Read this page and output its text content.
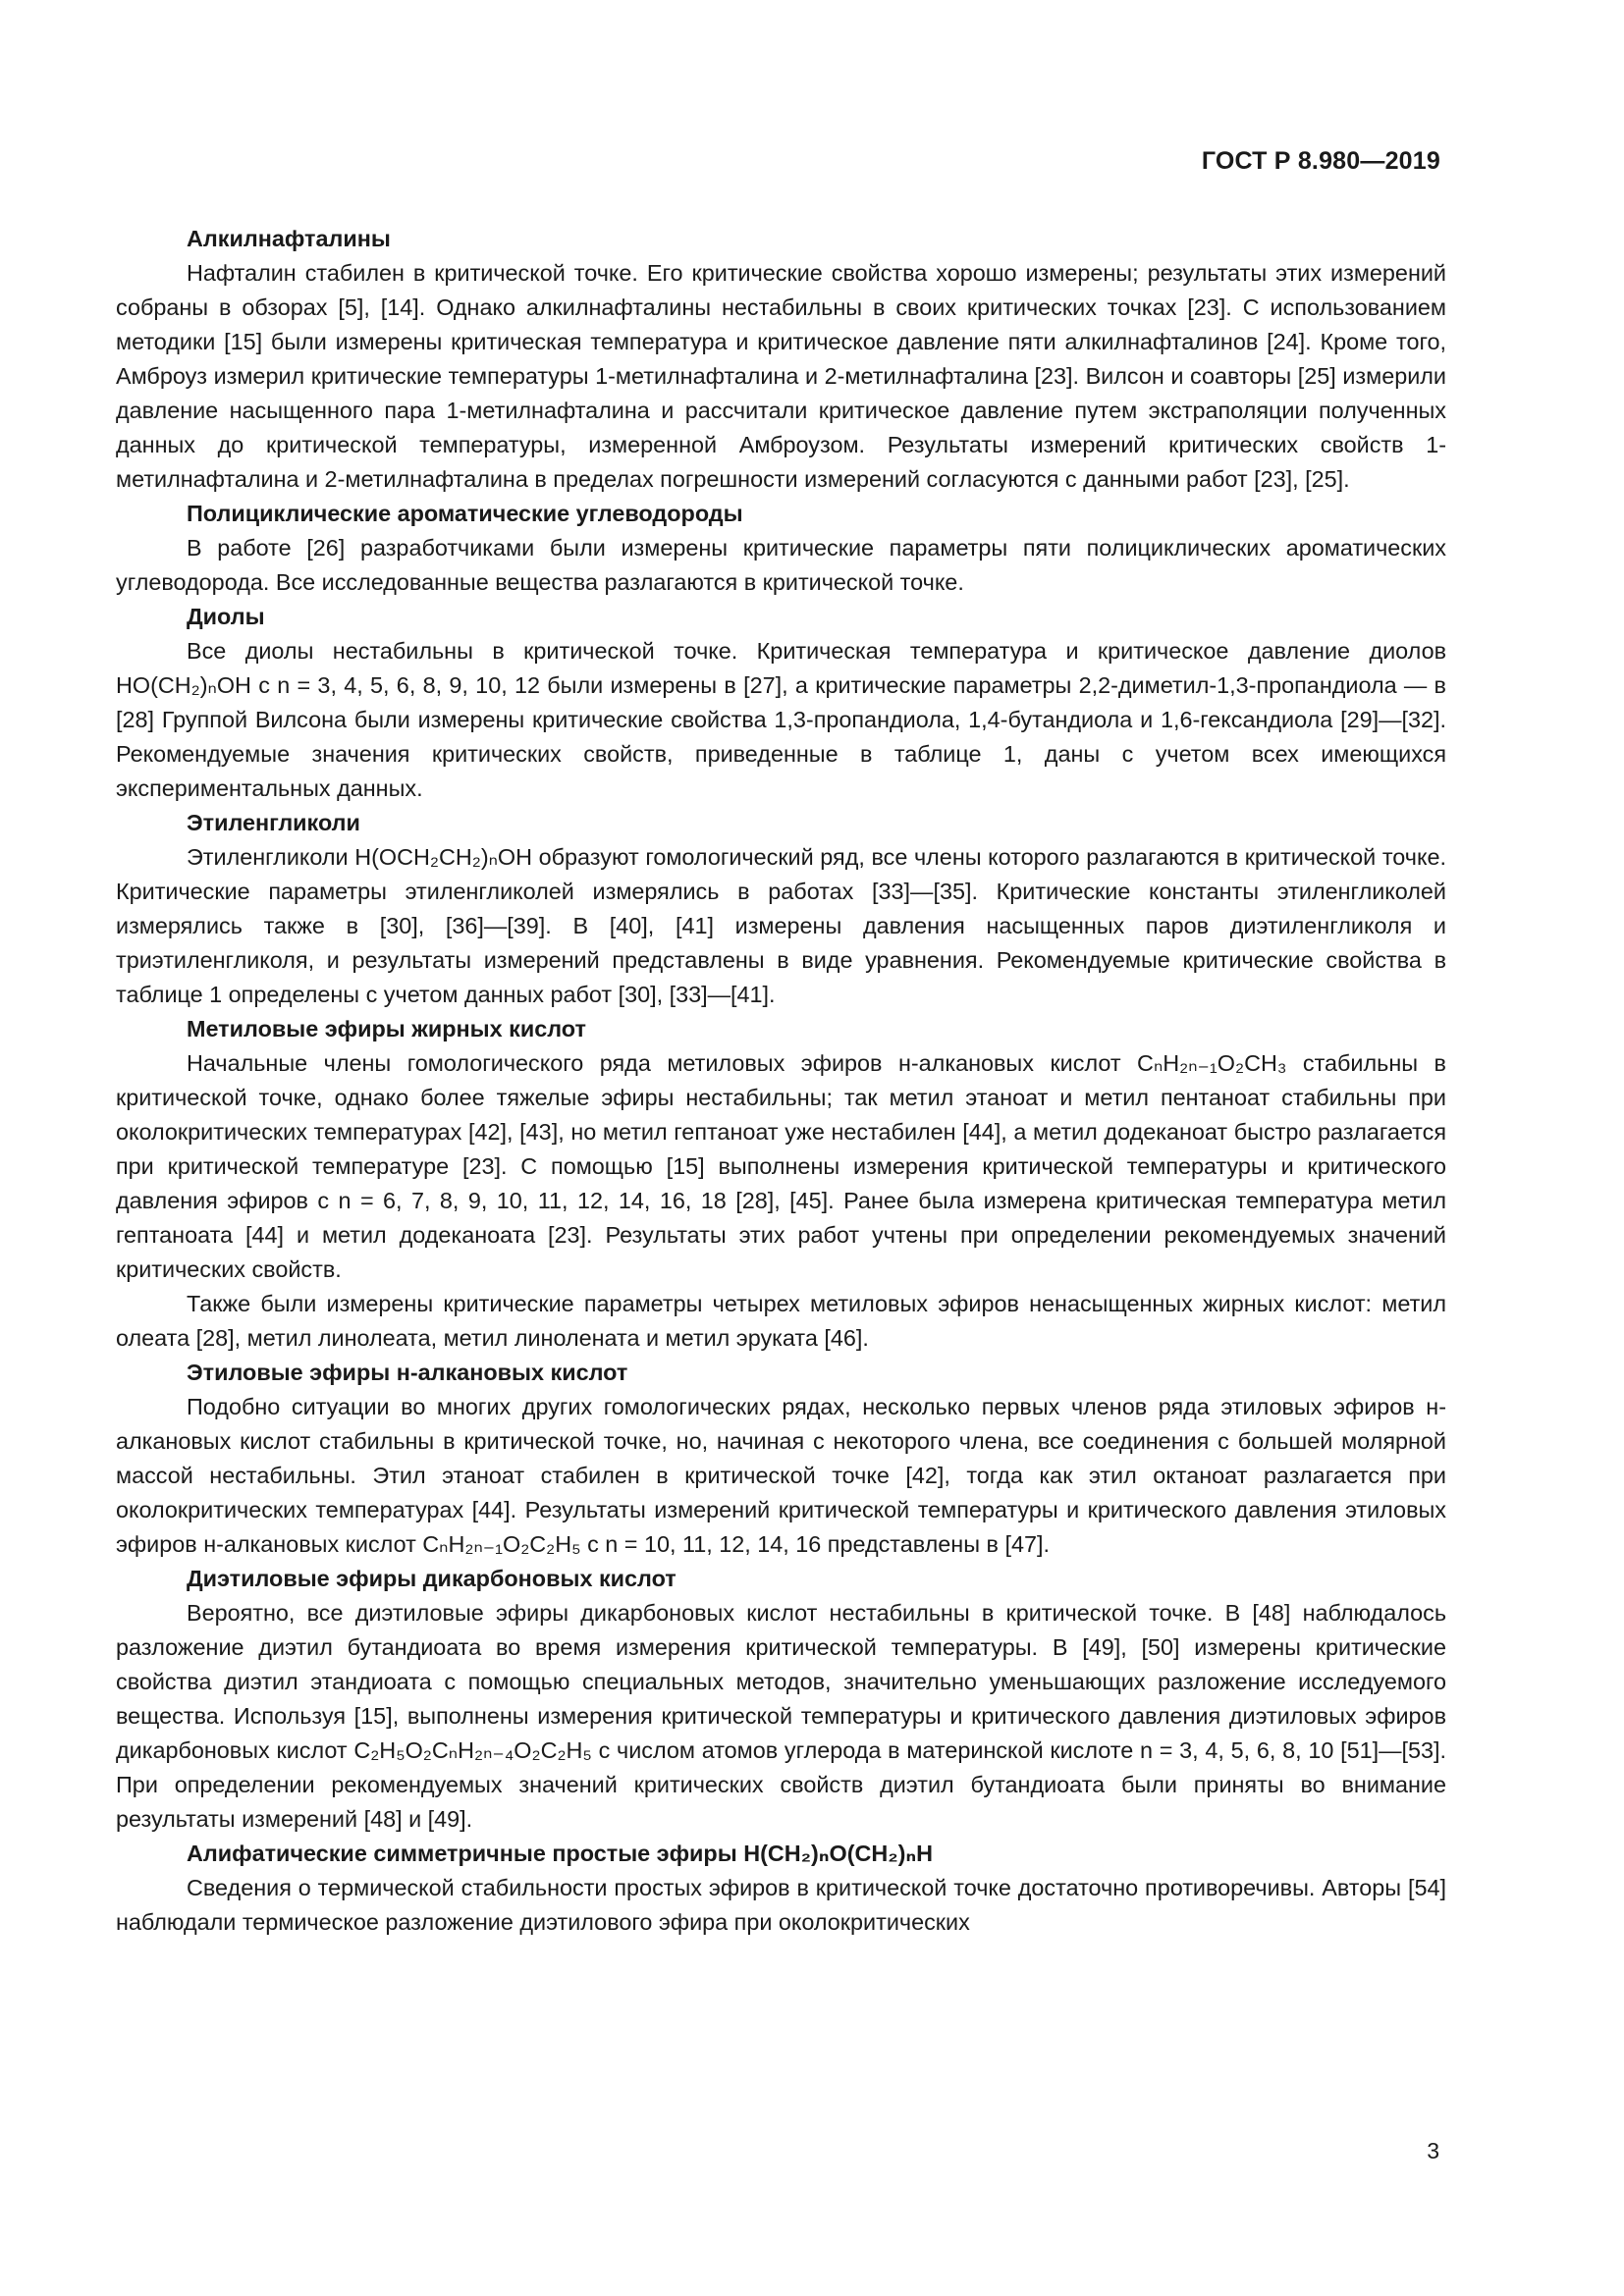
ГОСТ Р 8.980—2019
Алкилнафталины

Нафталин стабилен в критической точке. Его критические свойства хорошо измерены; результаты этих измерений собраны в обзорах [5], [14]. Однако алкилнафталины нестабильны в своих критических точках [23]. С использованием методики [15] были измерены критическая температура и критическое давление пяти алкилнафталинов [24]. Кроме того, Амброуз измерил критические температуры 1-метилнафталина и 2-метилнафталина [23]. Вилсон и соавторы [25] измерили давление насыщенного пара 1-метилнафталина и рассчитали критическое давление путем экстраполяции полученных данных до критической температуры, измеренной Амброузом. Результаты измерений критических свойств 1-метилнафталина и 2-метилнафталина в пределах погрешности измерений согласуются с данными работ [23], [25].

Полициклические ароматические углеводороды

В работе [26] разработчиками были измерены критические параметры пяти полициклических ароматических углеводорода. Все исследованные вещества разлагаются в критической точке.

Диолы

Все диолы нестабильны в критической точке. Критическая температура и критическое давление диолов HO(CH₂)ₙOH с n = 3, 4, 5, 6, 8, 9, 10, 12 были измерены в [27], а критические параметры 2,2-диметил-1,3-пропандиола — в [28] Группой Вилсона были измерены критические свойства 1,3-пропандиола, 1,4-бутандиола и 1,6-гександиола [29]—[32]. Рекомендуемые значения критических свойств, приведенные в таблице 1, даны с учетом всех имеющихся экспериментальных данных.

Этиленгликоли

Этиленгликоли H(OCH₂CH₂)ₙOH образуют гомологический ряд, все члены которого разлагаются в критической точке. Критические параметры этиленгликолей измерялись в работах [33]—[35]. Критические константы этиленгликолей измерялись также в [30], [36]—[39]. В [40], [41] измерены давления насыщенных паров диэтиленгликоля и триэтиленгликоля, и результаты измерений представлены в виде уравнения. Рекомендуемые критические свойства в таблице 1 определены с учетом данных работ [30], [33]—[41].

Метиловые эфиры жирных кислот

Начальные члены гомологического ряда метиловых эфиров н-алкановых кислот CₙH₂ₙ₋₁O₂CH₃ стабильны в критической точке, однако более тяжелые эфиры нестабильны; так метил этаноат и метил пентаноат стабильны при околокритических температурах [42], [43], но метил гептаноат уже нестабилен [44], а метил додеканоат быстро разлагается при критической температуре [23]. С помощью [15] выполнены измерения критической температуры и критического давления эфиров с n = 6, 7, 8, 9, 10, 11, 12, 14, 16, 18 [28], [45]. Ранее была измерена критическая температура метил гептаноата [44] и метил додеканоата [23]. Результаты этих работ учтены при определении рекомендуемых значений критических свойств.

Также были измерены критические параметры четырех метиловых эфиров ненасыщенных жирных кислот: метил олеата [28], метил линолеата, метил линолената и метил эруката [46].

Этиловые эфиры н-алкановых кислот

Подобно ситуации во многих других гомологических рядах, несколько первых членов ряда этиловых эфиров н-алкановых кислот стабильны в критической точке, но, начиная с некоторого члена, все соединения с большей молярной массой нестабильны. Этил этаноат стабилен в критической точке [42], тогда как этил октаноат разлагается при околокритических температурах [44]. Результаты измерений критической температуры и критического давления этиловых эфиров н-алкановых кислот CₙH₂ₙ₋₁O₂C₂H₅ с n = 10, 11, 12, 14, 16 представлены в [47].

Диэтиловые эфиры дикарбоновых кислот

Вероятно, все диэтиловые эфиры дикарбоновых кислот нестабильны в критической точке. В [48] наблюдалось разложение диэтил бутандиоата во время измерения критической температуры. В [49], [50] измерены критические свойства диэтил этандиоата с помощью специальных методов, значительно уменьшающих разложение исследуемого вещества. Используя [15], выполнены измерения критической температуры и критического давления диэтиловых эфиров дикарбоновых кислот C₂H₅O₂CₙH₂ₙ₋₄O₂C₂H₅ с числом атомов углерода в материнской кислоте n = 3, 4, 5, 6, 8, 10 [51]—[53]. При определении рекомендуемых значений критических свойств диэтил бутандиоата были приняты во внимание результаты измерений [48] и [49].

Алифатические симметричные простые эфиры H(CH₂)ₙO(CH₂)ₙH

Сведения о термической стабильности простых эфиров в критической точке достаточно противоречивы. Авторы [54] наблюдали термическое разложение диэтилового эфира при околокритических

3
